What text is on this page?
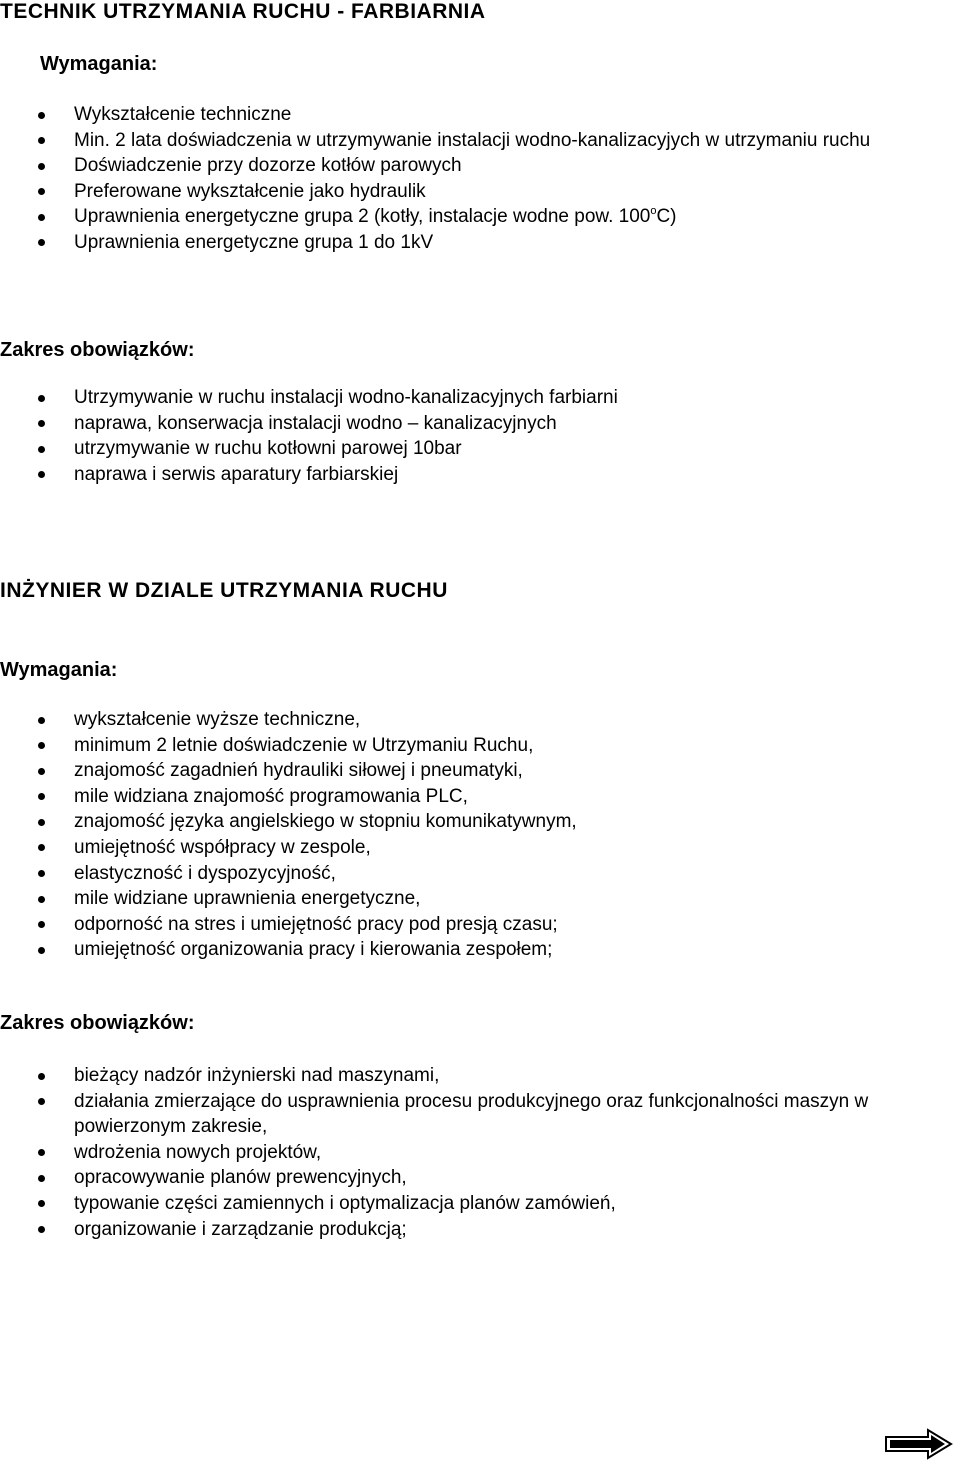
TECHNIK UTRZYMANIA RUCHU - FARBIARNIA
Wymagania:
Wykształcenie techniczne
Min. 2 lata doświadczenia w utrzymywanie instalacji wodno-kanalizacyjych w utrzymaniu ruchu
Doświadczenie przy dozorze kotłów parowych
Preferowane wykształcenie jako hydraulik
Uprawnienia energetyczne grupa 2 (kotły, instalacje wodne pow. 100$^o$C)
Uprawnienia energetyczne grupa 1 do 1kV
Zakres obowiązków:
Utrzymywanie w ruchu instalacji wodno-kanalizacyjnych farbiarni
naprawa, konserwacja instalacji wodno – kanalizacyjnych
utrzymywanie w ruchu kotłowni parowej 10bar
naprawa i serwis aparatury farbiarskiej
INŻYNIER W DZIALE UTRZYMANIA RUCHU
Wymagania:
wykształcenie wyższe techniczne,
minimum 2 letnie doświadczenie w Utrzymaniu Ruchu,
znajomość zagadnień hydrauliki siłowej i pneumatyki,
mile widziana znajomość programowania PLC,
znajomość języka angielskiego w stopniu komunikatywnym,
umiejętność współpracy w zespole,
elastyczność i dyspozycyjność,
mile widziane uprawnienia energetyczne,
odporność na stres i umiejętność pracy pod presją czasu;
umiejętność organizowania pracy i kierowania zespołem;
Zakres obowiązków:
bieżący nadzór inżynierski nad maszynami,
działania zmierzające do usprawnienia procesu produkcyjnego oraz funkcjonalności maszyn w powierzonym zakresie,
wdrożenia nowych projektów,
opracowywanie planów prewencyjnych,
typowanie części zamiennych i optymalizacja planów zamówień,
organizowanie i zarządzanie produkcją;
